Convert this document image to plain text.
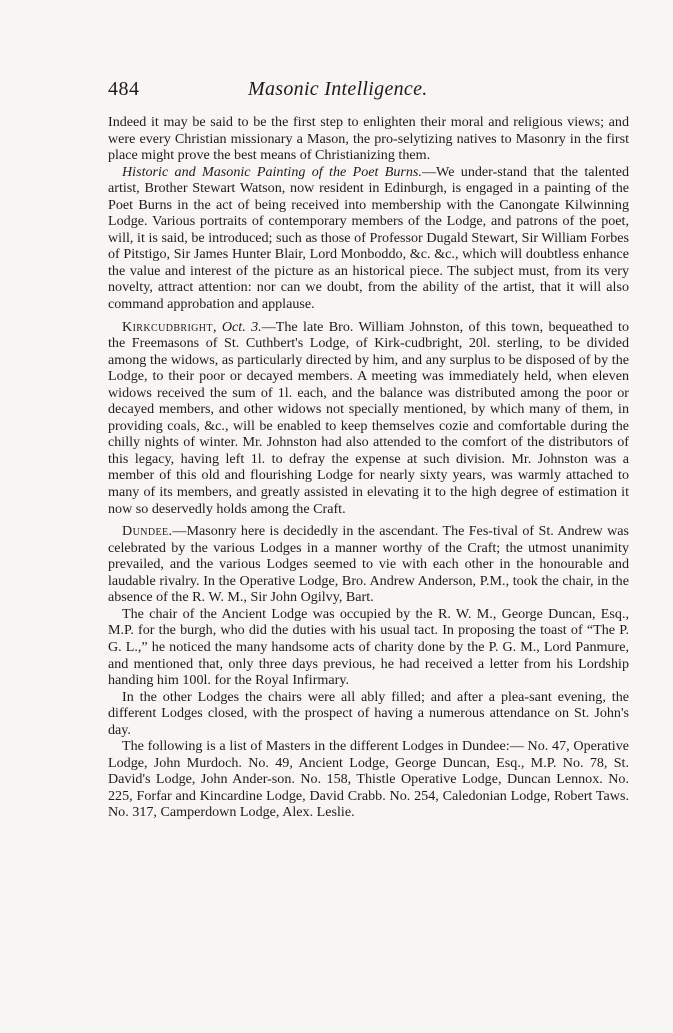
484	Masonic Intelligence.

Indeed it may be said to be the first step to enlighten their moral and religious views; and were every Christian missionary a Mason, the pro-selytizing natives to Masonry in the first place might prove the best means of Christianizing them.

Historic and Masonic Painting of the Poet Burns.—We under-stand that the talented artist, Brother Stewart Watson, now resident in Edinburgh, is engaged in a painting of the Poet Burns in the act of being received into membership with the Canongate Kilwinning Lodge. Various portraits of contemporary members of the Lodge, and patrons of the poet, will, it is said, be introduced; such as those of Professor Dugald Stewart, Sir William Forbes of Pitstigo, Sir James Hunter Blair, Lord Monboddo, &c. &c., which will doubtless enhance the value and interest of the picture as an historical piece. The subject must, from its very novelty, attract attention: nor can we doubt, from the ability of the artist, that it will also command approbation and applause.

Kirkcudbright, Oct. 3.—The late Bro. William Johnston, of this town, bequeathed to the Freemasons of St. Cuthbert's Lodge, of Kirk-cudbright, 20l. sterling, to be divided among the widows, as particularly directed by him, and any surplus to be disposed of by the Lodge, to their poor or decayed members. A meeting was immediately held, when eleven widows received the sum of 1l. each, and the balance was distributed among the poor or decayed members, and other widows not specially mentioned, by which many of them, in providing coals, &c., will be enabled to keep themselves cozie and comfortable during the chilly nights of winter. Mr. Johnston had also attended to the comfort of the distributors of this legacy, having left 1l. to defray the expense at such division. Mr. Johnston was a member of this old and flourishing Lodge for nearly sixty years, was warmly attached to many of its members, and greatly assisted in elevating it to the high degree of estimation it now so deservedly holds among the Craft.

Dundee.—Masonry here is decidedly in the ascendant. The Fes-tival of St. Andrew was celebrated by the various Lodges in a manner worthy of the Craft; the utmost unanimity prevailed, and the various Lodges seemed to vie with each other in the honourable and laudable rivalry. In the Operative Lodge, Bro. Andrew Anderson, P.M., took the chair, in the absence of the R. W. M., Sir John Ogilvy, Bart.

The chair of the Ancient Lodge was occupied by the R. W. M., George Duncan, Esq., M.P. for the burgh, who did the duties with his usual tact. In proposing the toast of “The P. G. L.,” he noticed the many handsome acts of charity done by the P. G. M., Lord Panmure, and mentioned that, only three days previous, he had received a letter from his Lordship handing him 100l. for the Royal Infirmary.

In the other Lodges the chairs were all ably filled; and after a plea-sant evening, the different Lodges closed, with the prospect of having a numerous attendance on St. John's day.

The following is a list of Masters in the different Lodges in Dundee:— No. 47, Operative Lodge, John Murdoch. No. 49, Ancient Lodge, George Duncan, Esq., M.P. No. 78, St. David's Lodge, John Ander-son. No. 158, Thistle Operative Lodge, Duncan Lennox. No. 225, Forfar and Kincardine Lodge, David Crabb. No. 254, Caledonian Lodge, Robert Taws. No. 317, Camperdown Lodge, Alex. Leslie.
